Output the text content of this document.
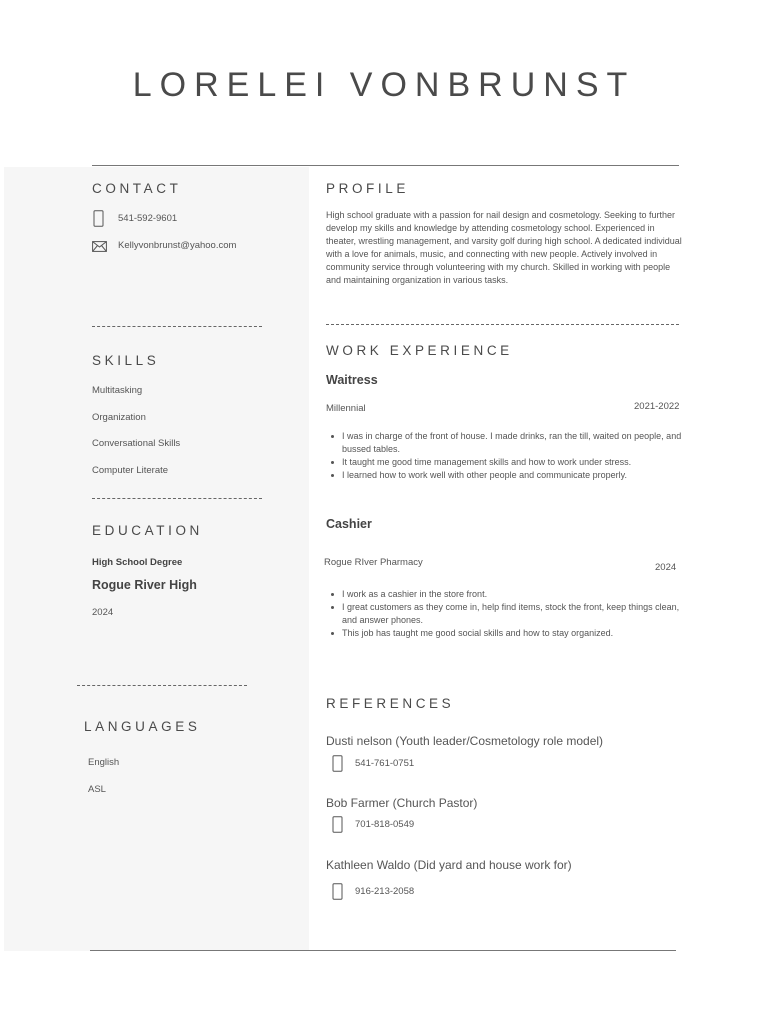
LORELEI VONBRUNST
CONTACT
541-592-9601
Kellyvonbrunst@yahoo.com
SKILLS
Multitasking
Organization
Conversational Skills
Computer Literate
EDUCATION
High School Degree
Rogue River High
2024
LANGUAGES
English
ASL
PROFILE
High school graduate with a passion for nail design and cosmetology. Seeking to further develop my skills and knowledge by attending cosmetology school. Experienced in theater, wrestling management, and varsity golf during high school. A dedicated individual with a love for animals, music, and connecting with new people. Actively involved in community service through volunteering with my church. Skilled in working with people and maintaining organization in various tasks.
WORK EXPERIENCE
Waitress
Millennial	2021-2022
I was in charge of the front of house. I made drinks, ran the till, waited on people, and bussed tables.
It taught me good time management skills and how to work under stress.
I learned how to work well with other people and communicate properly.
Cashier
Rogue RIver Pharmacy	2024
I work as a cashier in the store front.
I great customers as they come in, help find items, stock the front, keep things clean, and answer phones.
This job has taught me good social skills and how to stay organized.
REFERENCES
Dusti nelson (Youth leader/Cosmetology role model)
541-761-0751
Bob Farmer (Church Pastor)
701-818-0549
Kathleen Waldo (Did yard and house work for)
916-213-2058
